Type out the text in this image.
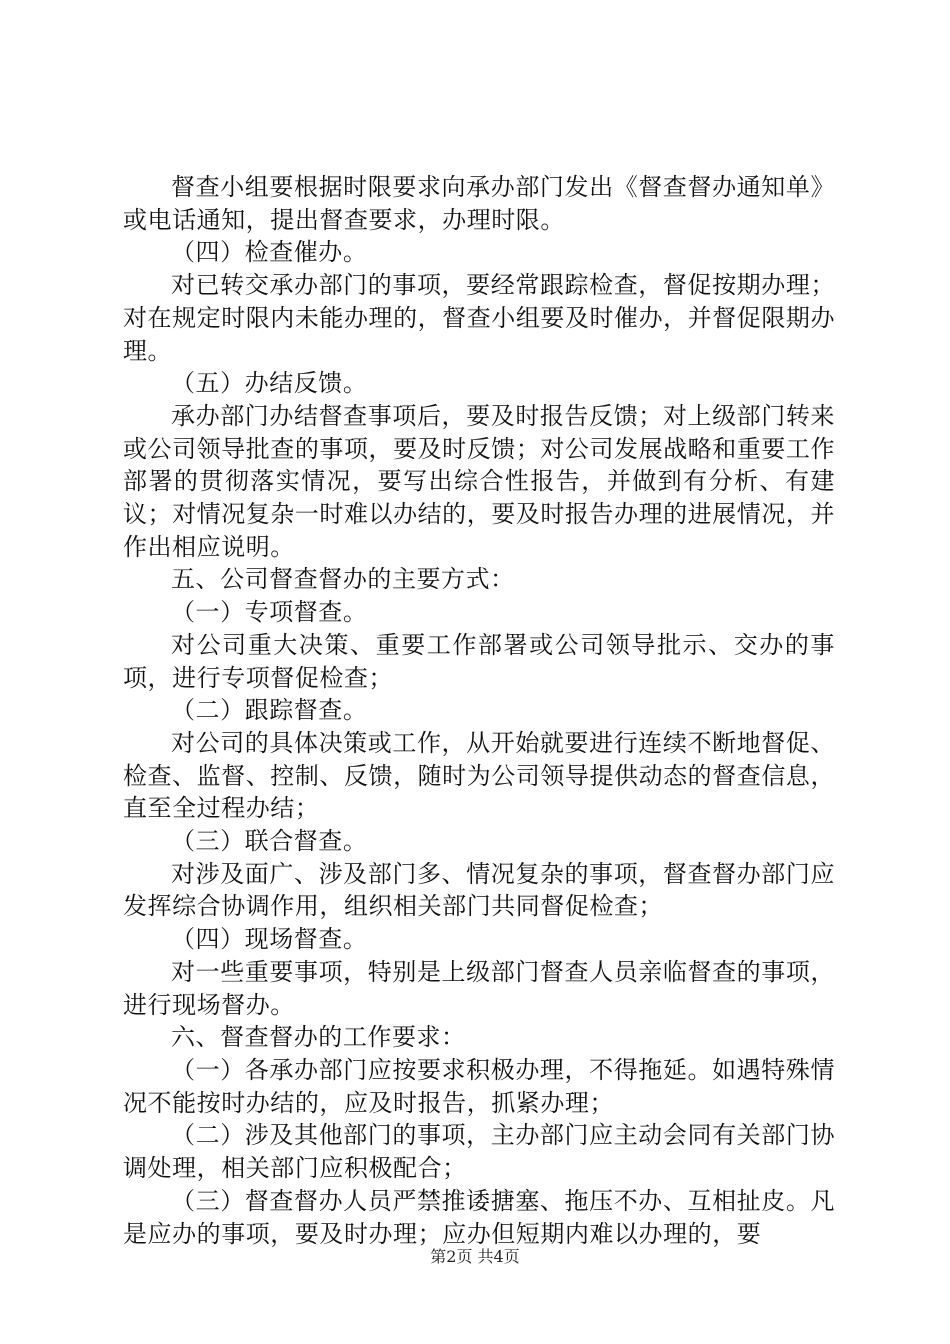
督查小组要根据时限要求向承办部门发出《督查督办通知单》或电话通知，提出督查要求，办理时限。

（四）检查催办。

对已转交承办部门的事项，要经常跟踪检查，督促按期办理；对在规定时限内未能办理的，督查小组要及时催办，并督促限期办理。

（五）办结反馈。

承办部门办结督查事项后，要及时报告反馈；对上级部门转来或公司领导批查的事项，要及时反馈；对公司发展战略和重要工作部署的贯彻落实情况，要写出综合性报告，并做到有分析、有建议；对情况复杂一时难以办结的，要及时报告办理的进展情况，并作出相应说明。

五、公司督查督办的主要方式：

（一）专项督查。

对公司重大决策、重要工作部署或公司领导批示、交办的事项，进行专项督促检查；

（二）跟踪督查。

对公司的具体决策或工作，从开始就要进行连续不断地督促、检查、监督、控制、反馈，随时为公司领导提供动态的督查信息，直至全过程办结；

（三）联合督查。

对涉及面广、涉及部门多、情况复杂的事项，督查督办部门应发挥综合协调作用，组织相关部门共同督促检查；

（四）现场督查。

对一些重要事项，特别是上级部门督查人员亲临督查的事项，进行现场督办。

六、督查督办的工作要求：

（一）各承办部门应按要求积极办理，不得拖延。如遇特殊情况不能按时办结的，应及时报告，抓紧办理；

（二）涉及其他部门的事项，主办部门应主动会同有关部门协调处理，相关部门应积极配合；

（三）督查督办人员严禁推诿搪塞、拖压不办、互相扯皮。凡是应办的事项，要及时办理；应办但短期内难以办理的，要

第2页 共4页
